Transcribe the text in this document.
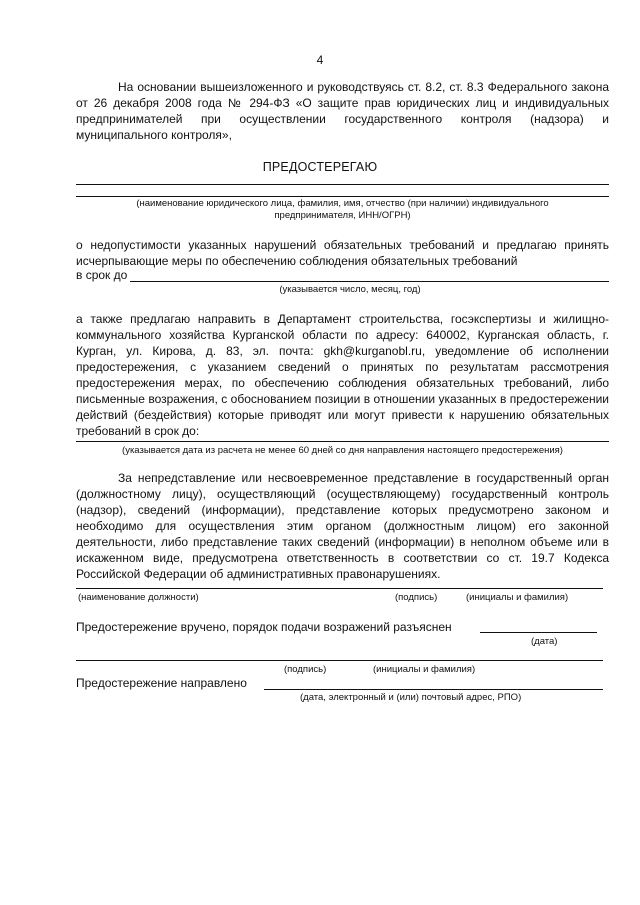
4

На основании вышеизложенного и руководствуясь ст. 8.2, ст. 8.3 Федерального закона от 26 декабря 2008 года № 294-ФЗ «О защите прав юридических лиц и индивидуальных предпринимателей при осуществлении государственного контроля (надзора) и муниципального контроля»,

ПРЕДОСТЕРЕГАЮ
(наименование юридического лица, фамилия, имя, отчество (при наличии) индивидуального предпринимателя, ИНН/ОГРН)

о недопустимости указанных нарушений обязательных требований и предлагаю принять исчерпывающие меры по обеспечению соблюдения обязательных требований

в срок до
(указывается число, месяц, год)

а также предлагаю направить в Департамент строительства, госэкспертизы и жилищно-коммунального хозяйства Курганской области по адресу: 640002, Курганская область, г. Курган, ул. Кирова, д. 83, эл. почта: gkh@kurganobl.ru, уведомление об исполнении предостережения, с указанием сведений о принятых по результатам рассмотрения предостережения мерах, по обеспечению соблюдения обязательных требований, либо письменные возражения, с обоснованием позиции в отношении указанных в предостережении действий (бездействия) которые приводят или могут привести к нарушению обязательных требований в срок до:

(указывается дата из расчета не менее 60 дней со дня направления настоящего предостережения)

За непредставление или несвоевременное представление в государственный орган (должностному лицу), осуществляющий (осуществляющему) государственный контроль (надзор), сведений (информации), представление которых предусмотрено законом и необходимо для осуществления этим органом (должностным лицом) его законной деятельности, либо представление таких сведений (информации) в неполном объеме или в искаженном виде, предусмотрена ответственность в соответствии со ст. 19.7 Кодекса Российской Федерации об административных правонарушениях.

(наименование должности)	(подпись)	(инициалы и фамилия)
Предостережение вручено, порядок подачи возражений разъяснен
(дата)
(подпись)	(инициалы и фамилия)
Предостережение направлено
(дата, электронный и (или) почтовый адрес, РПО)
